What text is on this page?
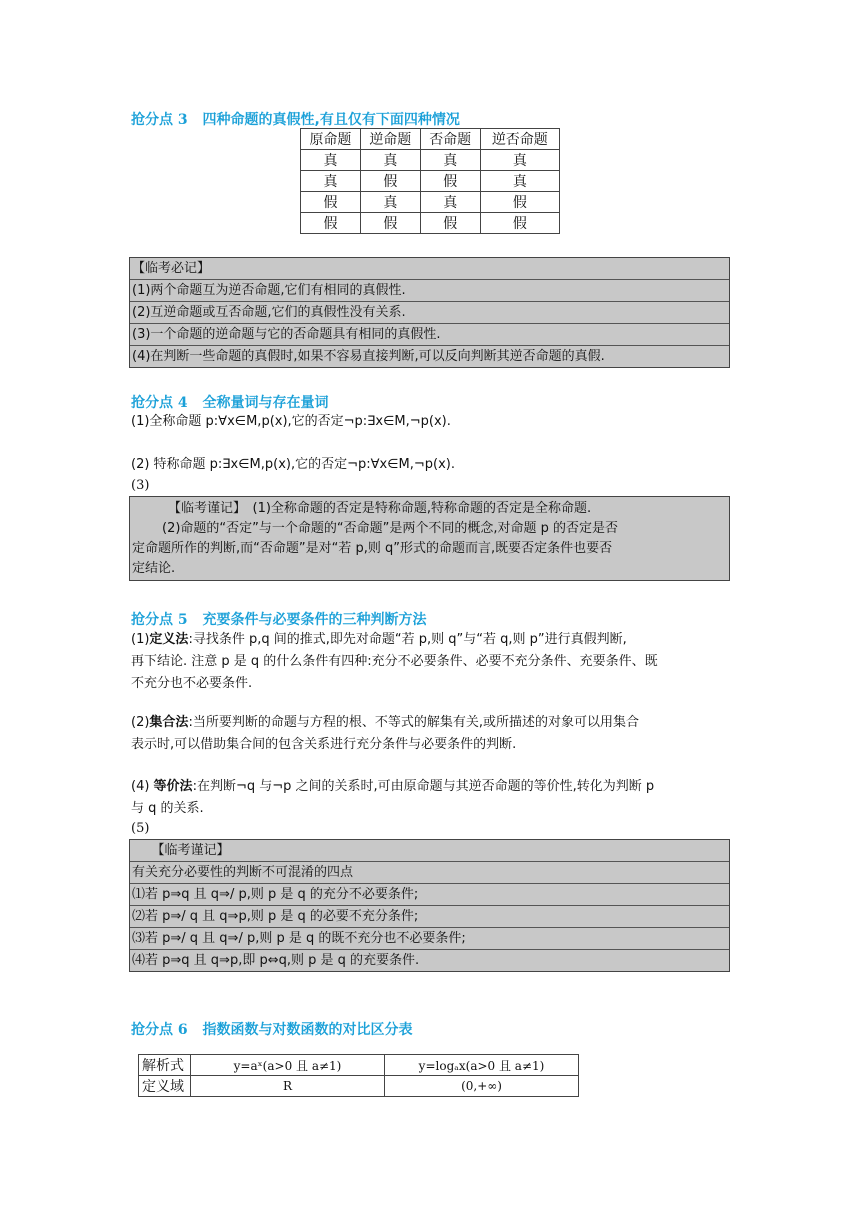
抢分点 3 四种命题的真假性,有且仅有下面四种情况
原命题	逆命题	否命题	逆否命题
真	真	真	真
真	假	假	真
假	真	真	假
假	假	假	假
【临考必记】
(1)两个命题互为逆否命题,它们有相同的真假性.
(2)互逆命题或互否命题,它们的真假性没有关系.
(3)一个命题的逆命题与它的否命题具有相同的真假性.
(4)在判断一些命题的真假时,如果不容易直接判断,可以反向判断其逆否命题的真假.
抢分点 4 全称量词与存在量词
(1)全称命题 p:∀x∈M,p(x),它的否定¬p:∃x∈M,¬p(x).
(2) 特称命题 p:∃x∈M,p(x),它的否定¬p:∀x∈M,¬p(x).
(3)
【临考谨记】　(1)全称命题的否定是特称命题,特称命题的否定是全称命题.
(2)命题的“否定”与一个命题的“否命题”是两个不同的概念,对命题 p 的否定是否
定命题所作的判断,而“否命题”是对“若 p,则 q”形式的命题而言,既要否定条件也要否
定结论.
抢分点 5 充要条件与必要条件的三种判断方法
(1)定义法:寻找条件 p,q 间的推式,即先对命题“若 p,则 q”与“若 q,则 p”进行真假判断,
再下结论. 注意 p 是 q 的什么条件有四种:充分不必要条件、必要不充分条件、充要条件、既
不充分也不必要条件.
(2)集合法:当所要判断的命题与方程的根、不等式的解集有关,或所描述的对象可以用集合
表示时,可以借助集合间的包含关系进行充分条件与必要条件的判断.
(4) 等价法:在判断¬q 与¬p 之间的关系时,可由原命题与其逆否命题的等价性,转化为判断 p
与 q 的关系.
(5)
　　【临考谨记】
有关充分必要性的判断不可混淆的四点
⑴若 p⇒q 且 q⇒/ p,则 p 是 q 的充分不必要条件;
⑵若 p⇒/ q 且 q⇒p,则 p 是 q 的必要不充分条件;
⑶若 p⇒/ q 且 q⇒/ p,则 p 是 q 的既不充分也不必要条件;
⑷若 p⇒q 且 q⇒p,即 p⇔q,则 p 是 q 的充要条件.
抢分点 6 指数函数与对数函数的对比区分表
解析式	y=aˣ(a>0 且 a≠1)	y=logₐx(a>0 且 a≠1)
定义域	R	(0,+∞)
